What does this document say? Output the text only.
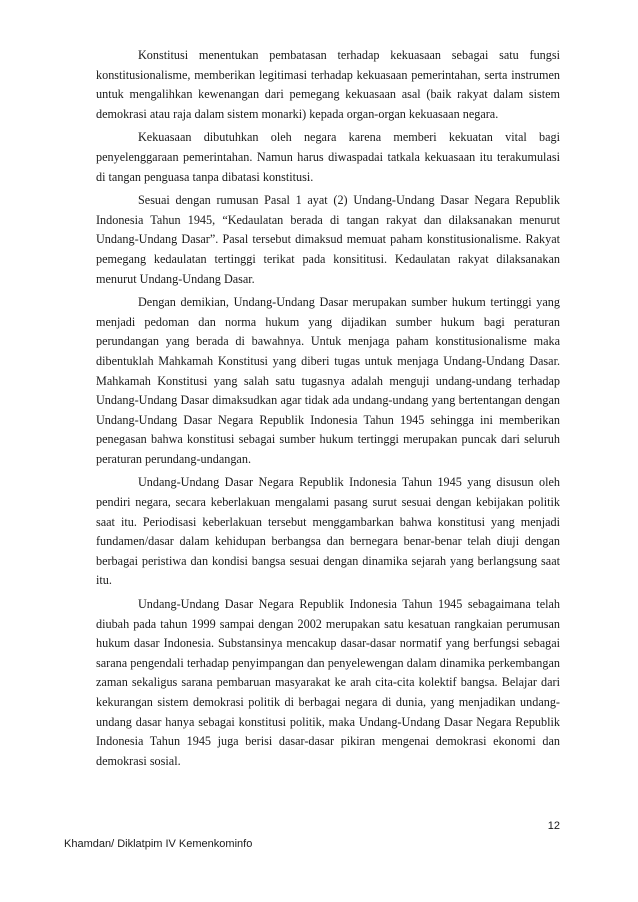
Konstitusi menentukan pembatasan terhadap kekuasaan sebagai satu fungsi konstitusionalisme, memberikan legitimasi terhadap kekuasaan pemerintahan, serta instrumen untuk mengalihkan kewenangan dari pemegang kekuasaan asal (baik rakyat dalam sistem demokrasi atau raja dalam sistem monarki) kepada organ-organ kekuasaan negara.

Kekuasaan dibutuhkan oleh negara karena memberi kekuatan vital bagi penyelenggaraan pemerintahan. Namun harus diwaspadai tatkala kekuasaan itu terakumulasi di tangan penguasa tanpa dibatasi konstitusi.

Sesuai dengan rumusan Pasal 1 ayat (2) Undang-Undang Dasar Negara Republik Indonesia Tahun 1945, “Kedaulatan berada di tangan rakyat dan dilaksanakan menurut Undang-Undang Dasar”. Pasal tersebut dimaksud memuat paham konstitusionalisme. Rakyat pemegang kedaulatan tertinggi terikat pada konsititusi. Kedaulatan rakyat dilaksanakan menurut Undang-Undang Dasar.

Dengan demikian, Undang-Undang Dasar merupakan sumber hukum tertinggi yang menjadi pedoman dan norma hukum yang dijadikan sumber hukum bagi peraturan perundangan yang berada di bawahnya. Untuk menjaga paham konstitusionalisme maka dibentuklah Mahkamah Konstitusi yang diberi tugas untuk menjaga Undang-Undang Dasar. Mahkamah Konstitusi yang salah satu tugasnya adalah menguji undang-undang terhadap Undang-Undang Dasar dimaksudkan agar tidak ada undang-undang yang bertentangan dengan Undang-Undang Dasar Negara Republik Indonesia Tahun 1945 sehingga ini memberikan penegasan bahwa konstitusi sebagai sumber hukum tertinggi merupakan puncak dari seluruh peraturan perundang-undangan.

Undang-Undang Dasar Negara Republik Indonesia Tahun 1945 yang disusun oleh pendiri negara, secara keberlakuan mengalami pasang surut sesuai dengan kebijakan politik saat itu. Periodisasi keberlakuan tersebut menggambarkan bahwa konstitusi yang menjadi fundamen/dasar dalam kehidupan berbangsa dan bernegara benar-benar telah diuji dengan berbagai peristiwa dan kondisi bangsa sesuai dengan dinamika sejarah yang berlangsung saat itu.

Undang-Undang Dasar Negara Republik Indonesia Tahun 1945 sebagaimana telah diubah pada tahun 1999 sampai dengan 2002 merupakan satu kesatuan rangkaian perumusan hukum dasar Indonesia. Substansinya mencakup dasar-dasar normatif yang berfungsi sebagai sarana pengendali terhadap penyimpangan dan penyelewengan dalam dinamika perkembangan zaman sekaligus sarana pembaruan masyarakat ke arah cita-cita kolektif bangsa. Belajar dari kekurangan sistem demokrasi politik di berbagai negara di dunia, yang menjadikan undang-undang dasar hanya sebagai konstitusi politik, maka Undang-Undang Dasar Negara Republik Indonesia Tahun 1945 juga berisi dasar-dasar pikiran mengenai demokrasi ekonomi dan demokrasi sosial.

12
Khamdan/ Diklatpim IV Kemenkominfo
